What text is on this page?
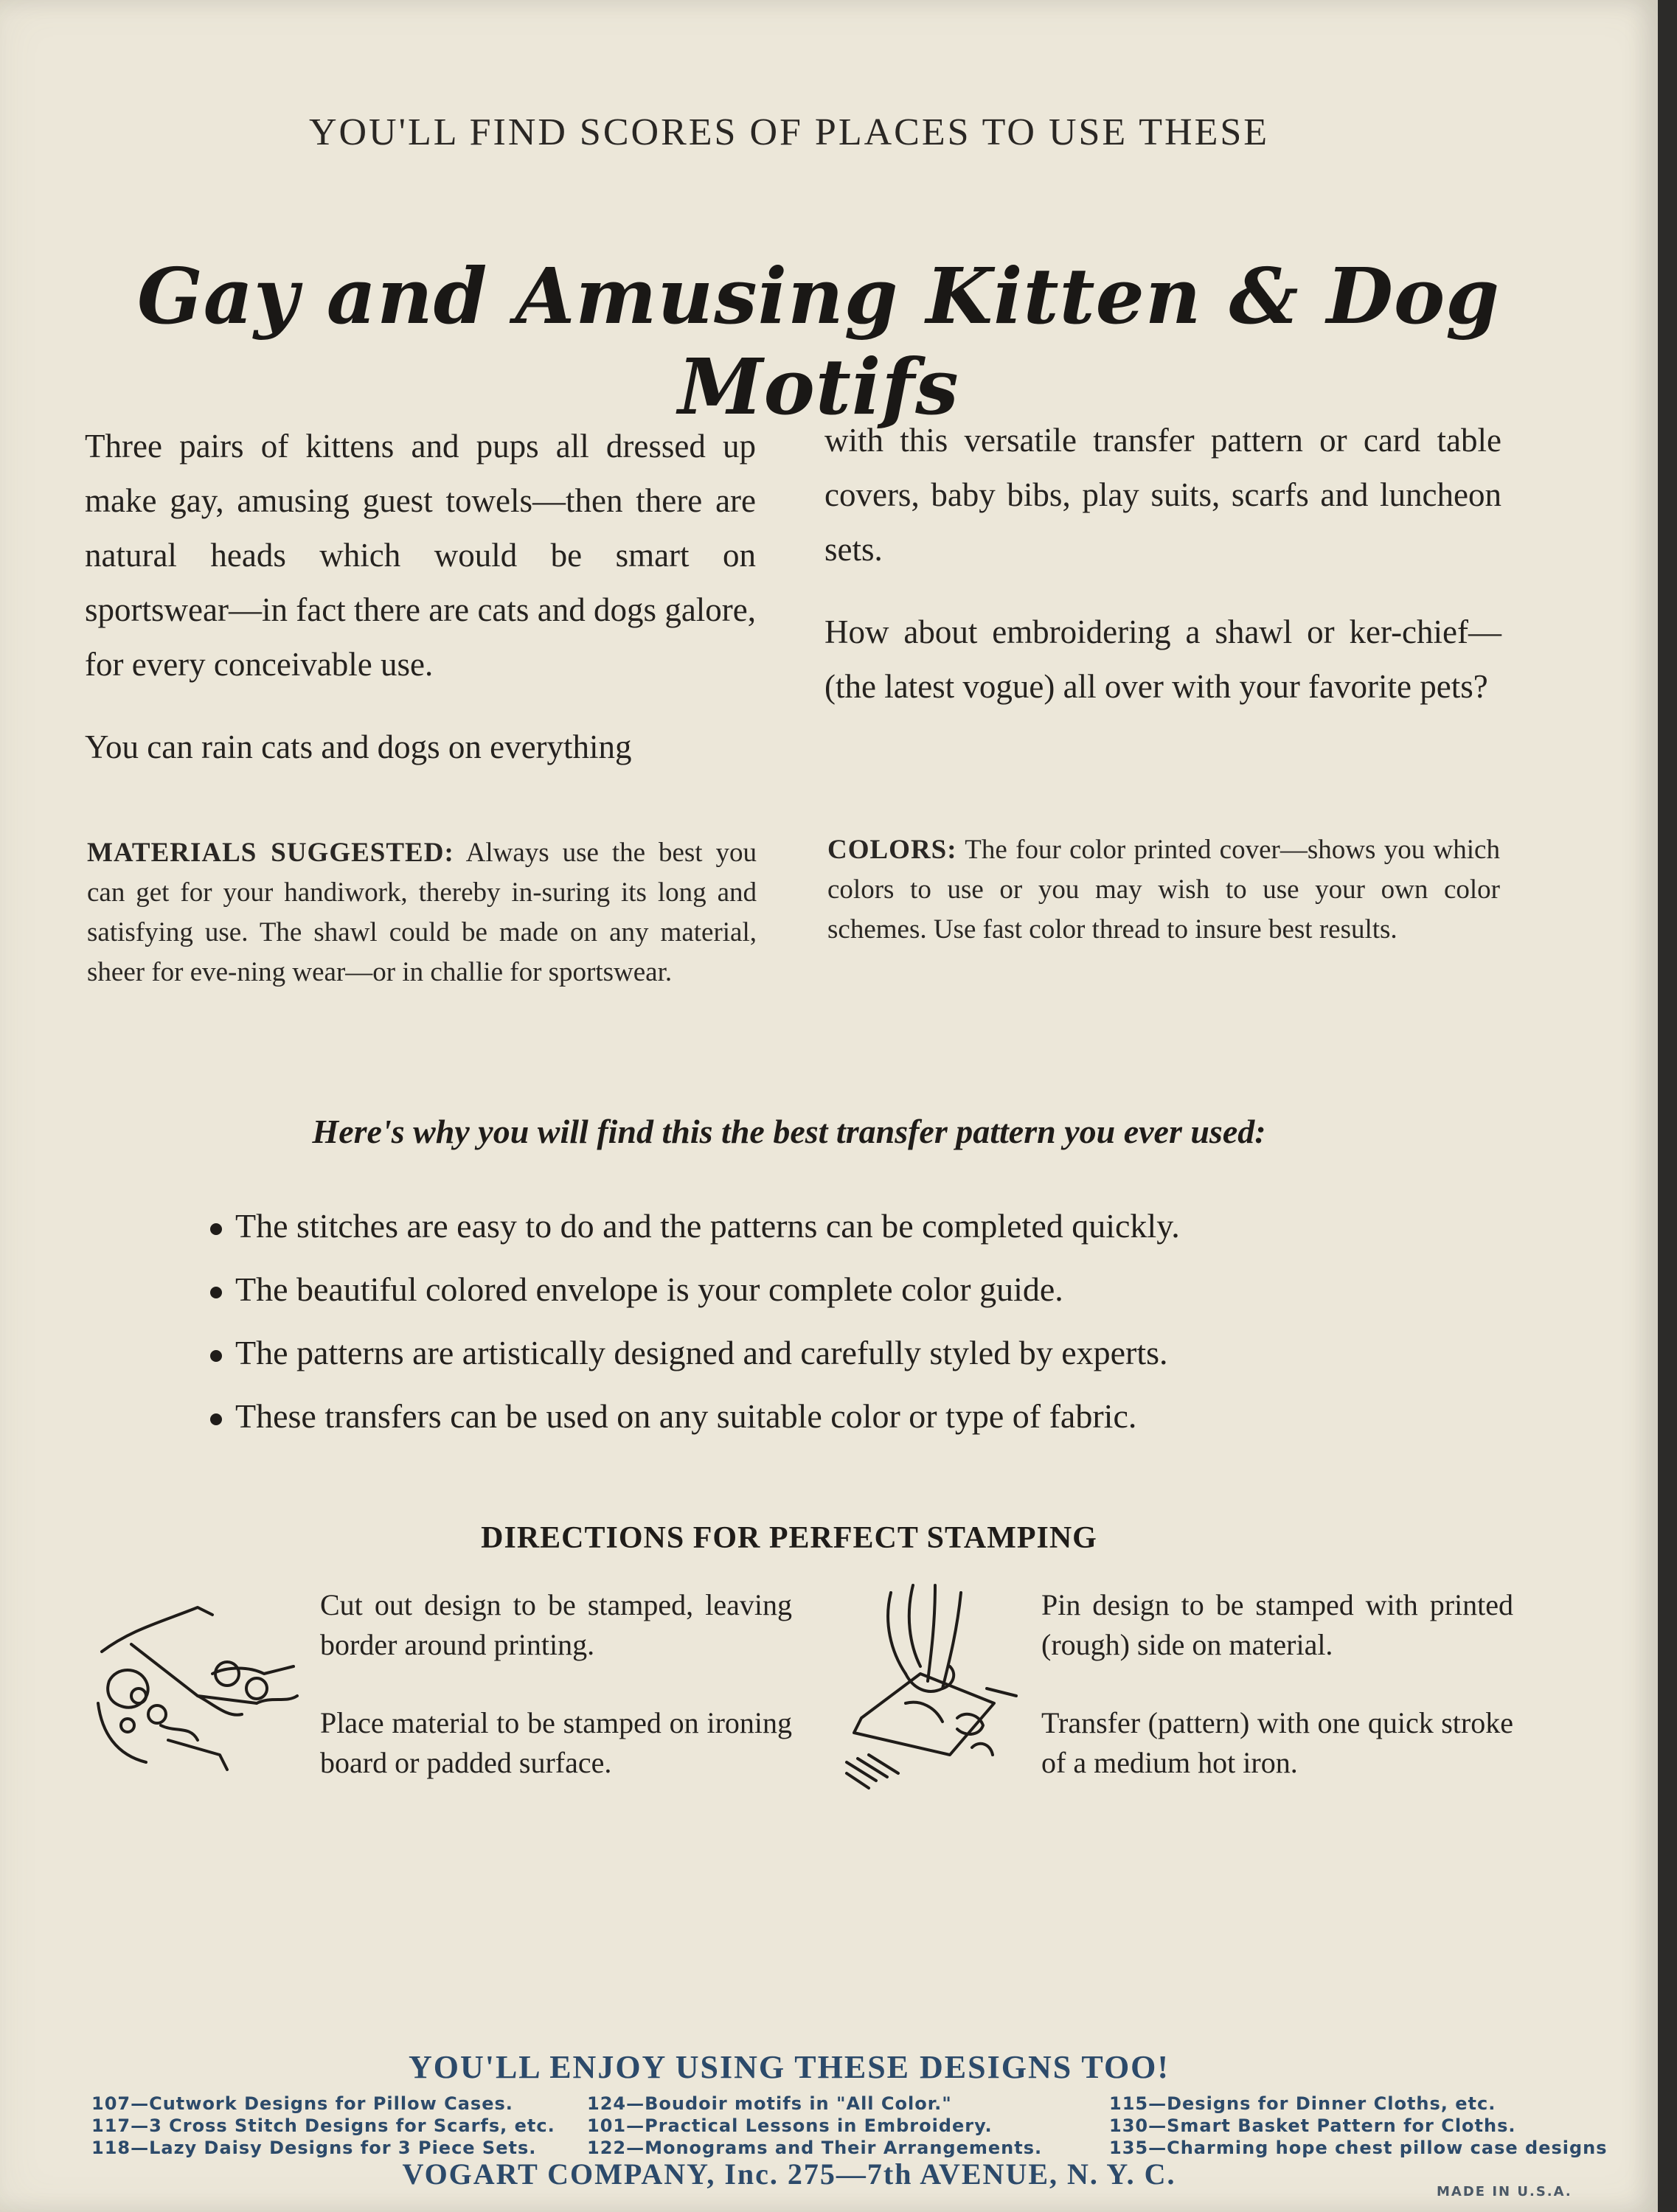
YOU'LL FIND SCORES OF PLACES TO USE THESE
Gay and Amusing Kitten & Dog Motifs

Three pairs of kittens and pups all dressed up make gay, amusing guest towels—then there are natural heads which would be smart on sportswear—in fact there are cats and dogs galore, for every conceivable use.

You can rain cats and dogs on everything

with this versatile transfer pattern or card table covers, baby bibs, play suits, scarfs and luncheon sets.

How about embroidering a shawl or ker-chief—(the latest vogue) all over with your favorite pets?

MATERIALS SUGGESTED: Always use the best you can get for your handiwork, thereby in-suring its long and satisfying use. The shawl could be made on any material, sheer for eve-ning wear—or in challie for sportswear.
COLORS: The four color printed cover—shows you which colors to use or you may wish to use your own color schemes. Use fast color thread to insure best results.
Here's why you will find this the best transfer pattern you ever used:
The stitches are easy to do and the patterns can be completed quickly.
The beautiful colored envelope is your complete color guide.
The patterns are artistically designed and carefully styled by experts.
These transfers can be used on any suitable color or type of fabric.
DIRECTIONS FOR PERFECT STAMPING

Cut out design to be stamped, leaving border around printing.

Place material to be stamped on ironing board or padded surface.

Pin design to be stamped with printed (rough) side on material.

Transfer (pattern) with one quick stroke of a medium hot iron.

YOU'LL ENJOY USING THESE DESIGNS TOO!
107—Cutwork Designs for Pillow Cases.
117—3 Cross Stitch Designs for Scarfs, etc.
118—Lazy Daisy Designs for 3 Piece Sets.
124—Boudoir motifs in "All Color."
101—Practical Lessons in Embroidery.
122—Monograms and Their Arrangements.
115—Designs for Dinner Cloths, etc.
130—Smart Basket Pattern for Cloths.
135—Charming hope chest pillow case designs
VOGART COMPANY, Inc. 275—7th AVENUE, N. Y. C.
MADE IN U.S.A.
